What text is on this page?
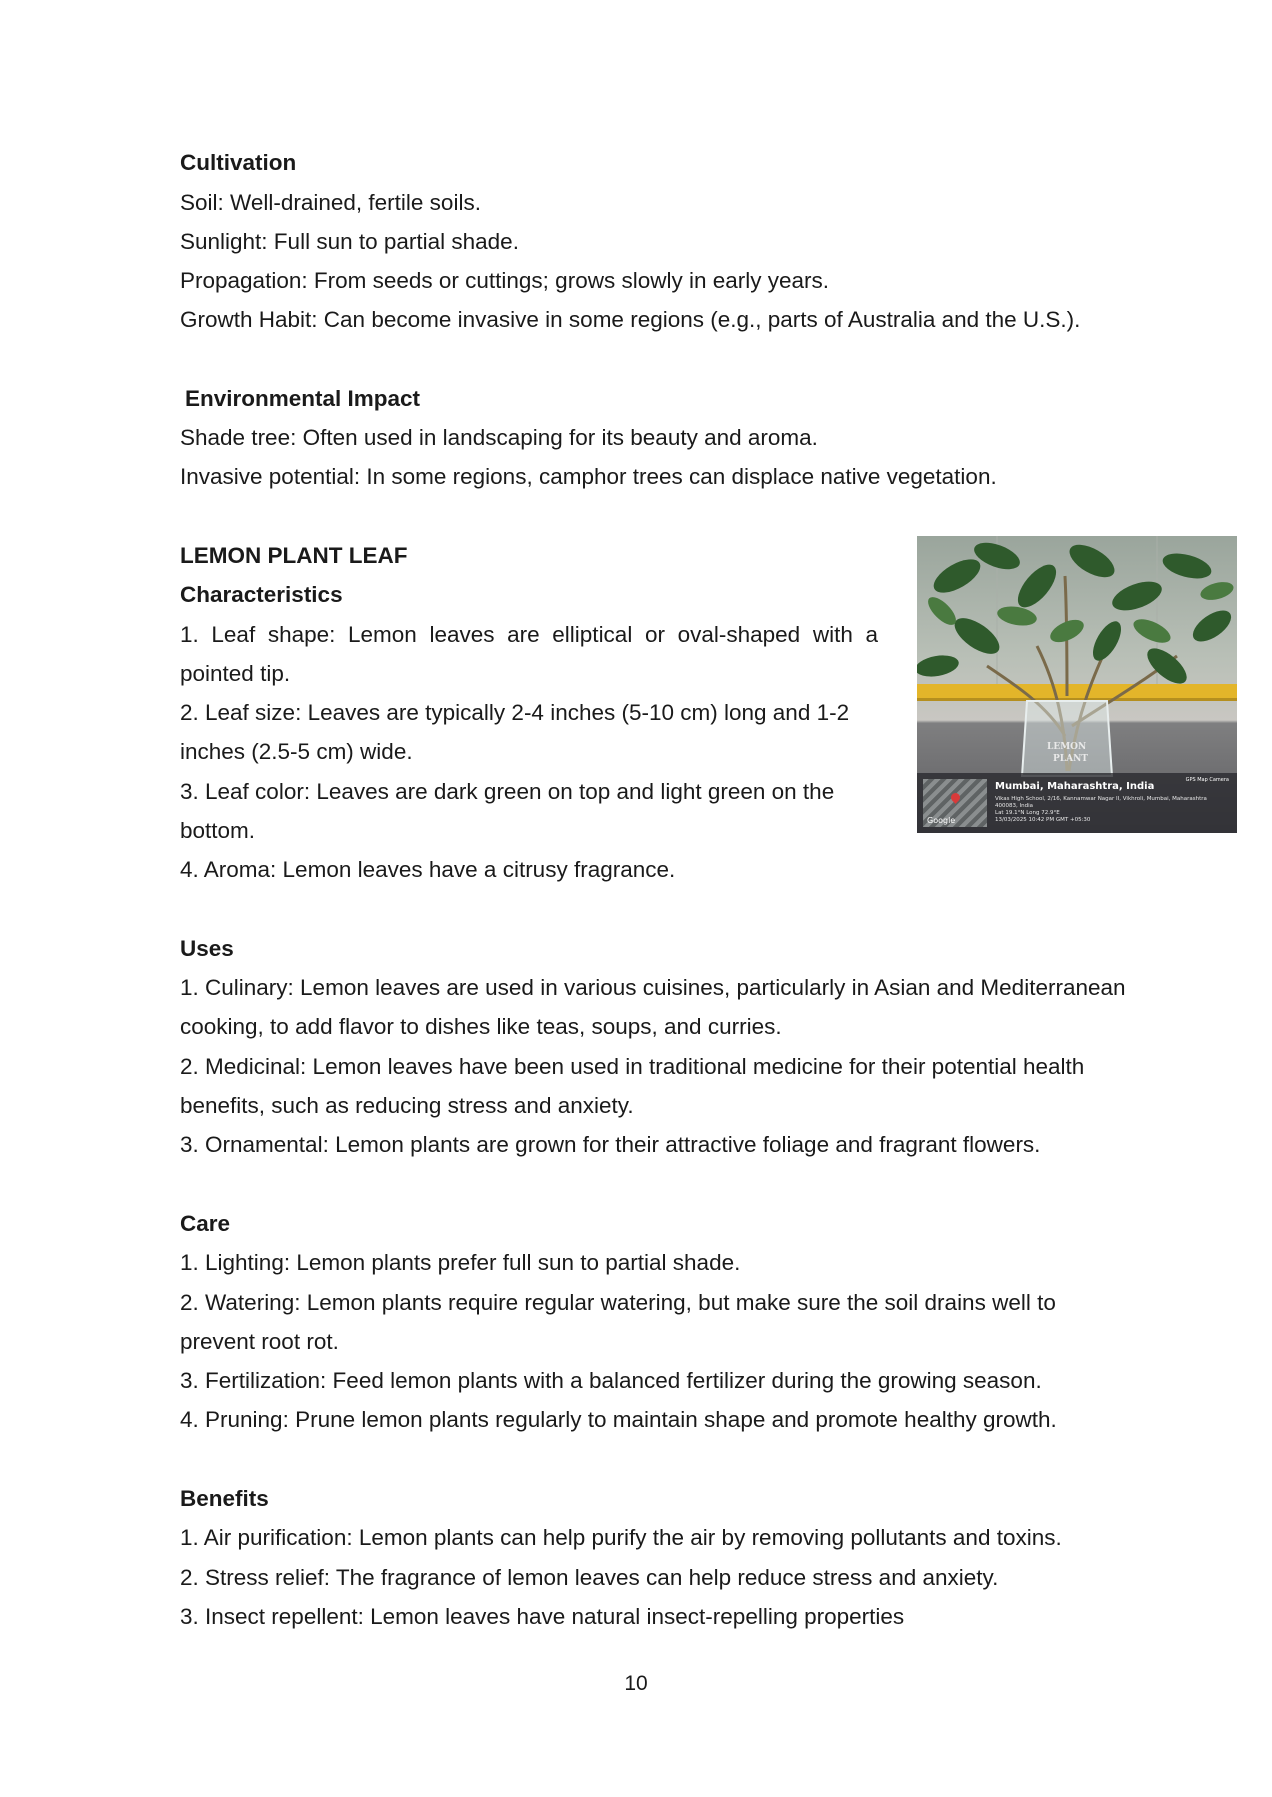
Cultivation
Soil: Well-drained, fertile soils.
Sunlight: Full sun to partial shade.
Propagation: From seeds or cuttings; grows slowly in early years.
Growth Habit: Can become invasive in some regions (e.g., parts of Australia and the U.S.).
Environmental Impact
Shade tree: Often used in landscaping for its beauty and aroma.
Invasive potential: In some regions, camphor trees can displace native vegetation.
LEMON PLANT LEAF
Characteristics
1. Leaf shape: Lemon leaves are elliptical or oval-shaped with a
pointed tip.
2. Leaf size: Leaves are typically 2-4 inches (5-10 cm) long and 1-2
inches (2.5-5 cm) wide.
3. Leaf color: Leaves are dark green on top and light green on the
bottom.
4. Aroma: Lemon leaves have a citrusy fragrance.
LEMON
PLANT
Google
GPS Map Camera
Mumbai, Maharashtra, India
Vikas High School, 2/16, Kannamwar Nagar II, Vikhroli, Mumbai, Maharashtra
400083, India
Lat 19.1°N Long 72.9°E
13/03/2025 10:42 PM GMT +05:30
Uses
1. Culinary: Lemon leaves are used in various cuisines, particularly in Asian and Mediterranean
cooking, to add flavor to dishes like teas, soups, and curries.
2. Medicinal: Lemon leaves have been used in traditional medicine for their potential health
benefits, such as reducing stress and anxiety.
3. Ornamental: Lemon plants are grown for their attractive foliage and fragrant flowers.
Care
1. Lighting: Lemon plants prefer full sun to partial shade.
2. Watering: Lemon plants require regular watering, but make sure the soil drains well to
prevent root rot.
3. Fertilization: Feed lemon plants with a balanced fertilizer during the growing season.
4. Pruning: Prune lemon plants regularly to maintain shape and promote healthy growth.
Benefits
1. Air purification: Lemon plants can help purify the air by removing pollutants and toxins.
2. Stress relief: The fragrance of lemon leaves can help reduce stress and anxiety.
3. Insect repellent: Lemon leaves have natural insect-repelling properties
10
